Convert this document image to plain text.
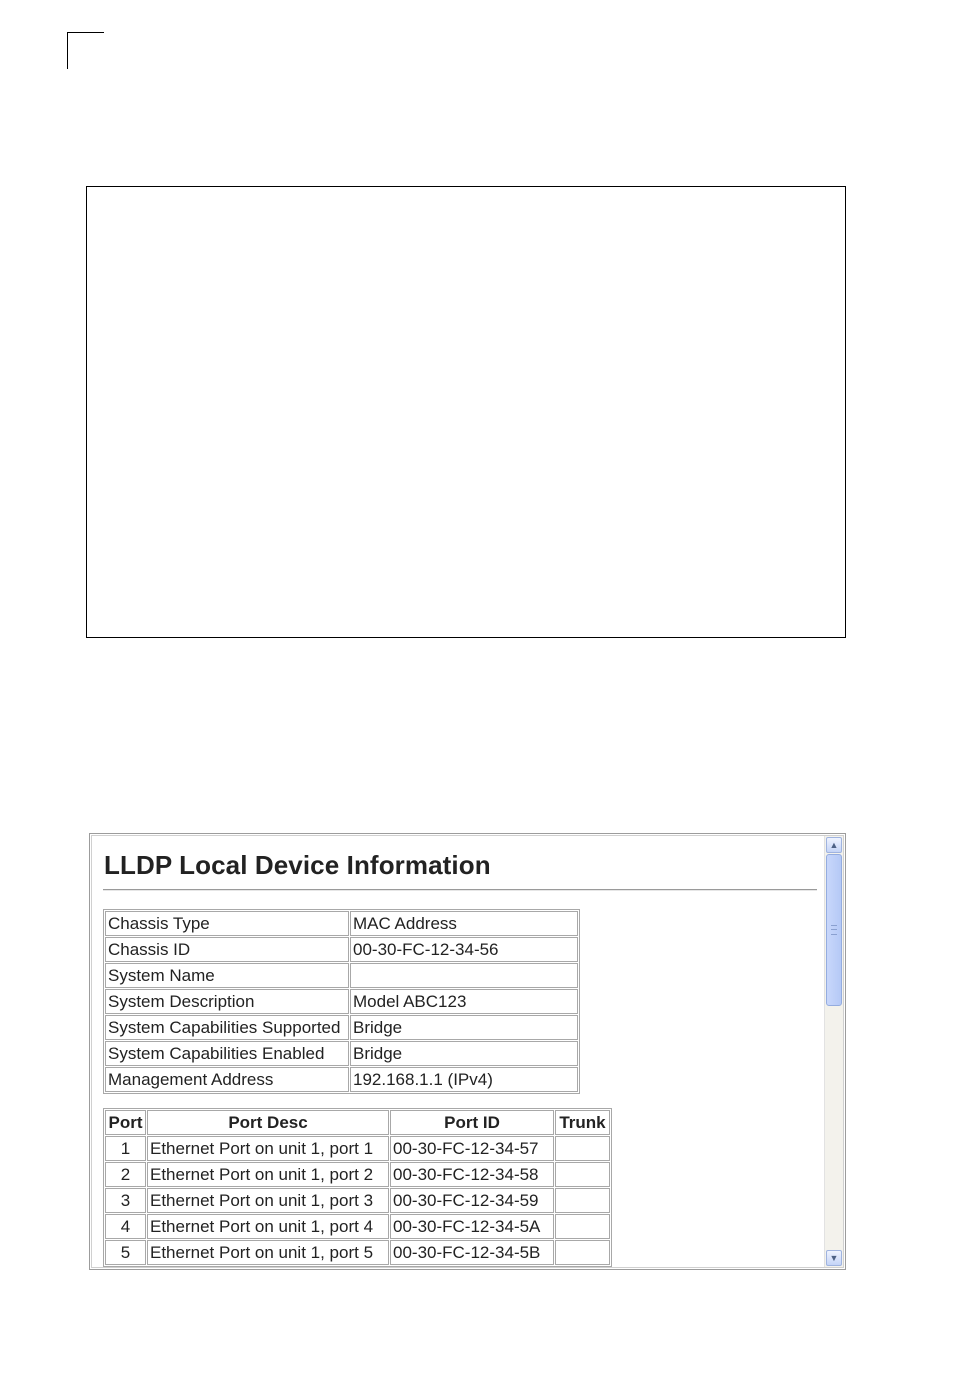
LLDP Local Device Information
Chassis Type	MAC Address
Chassis ID	00-30-FC-12-34-56
System Name	
System Description	Model ABC123
System Capabilities Supported	Bridge
System Capabilities Enabled	Bridge
Management Address	192.168.1.1 (IPv4)
Port	Port Desc	Port ID	Trunk
1	Ethernet Port on unit 1, port 1	00-30-FC-12-34-57	
2	Ethernet Port on unit 1, port 2	00-30-FC-12-34-58	
3	Ethernet Port on unit 1, port 3	00-30-FC-12-34-59	
4	Ethernet Port on unit 1, port 4	00-30-FC-12-34-5A	
5	Ethernet Port on unit 1, port 5	00-30-FC-12-34-5B	
▲
▼
